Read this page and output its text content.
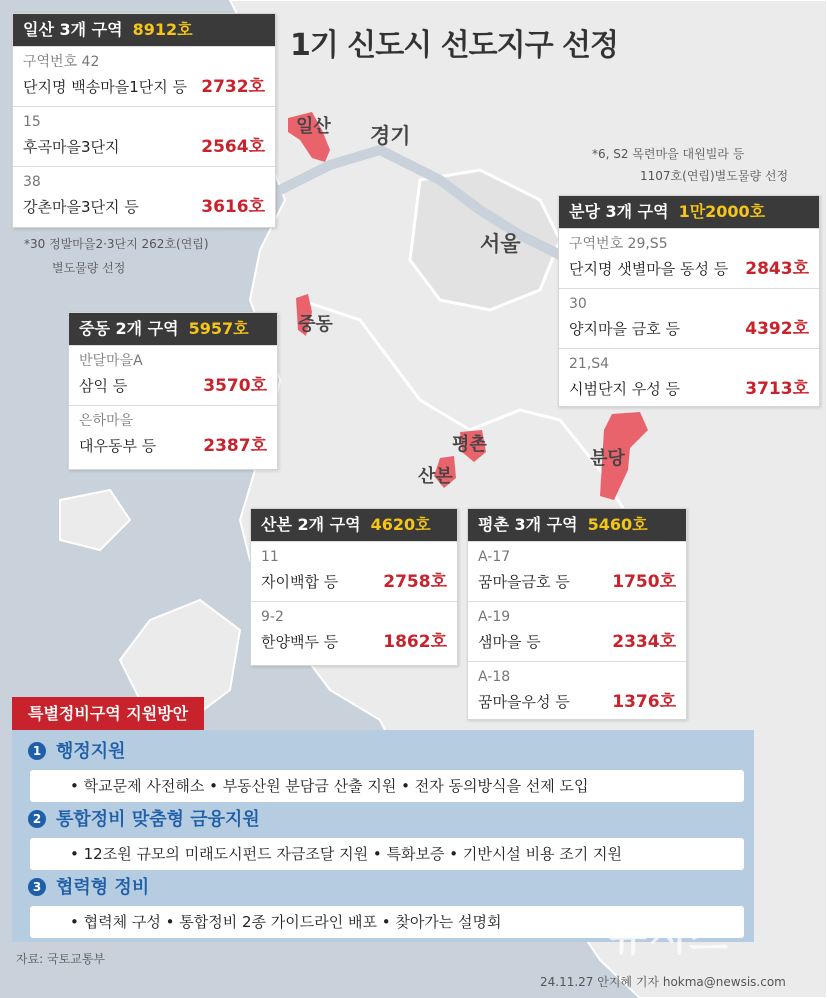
1기 신도시 선도지구 선정
경기
서울
일산
중동
평촌
산본
분당
일산 3개 구역 8912호
구역번호 42
단지명 백송마을1단지 등 2732호
15
후곡마을3단지	2564호
38
강촌마을3단지 등	3616호
*30 정발마을2·3단지 262호(연립)
별도물량 선정
중동 2개 구역 5957호
반달마을A
삼익 등	3570호
은하마을
대우동부 등	2387호
*6, S2 목련마을 대원빌라 등
1107호(연립)별도물량 선정
분당 3개 구역 1만2000호
구역번호 29,S5
단지명 샛별마을 동성 등 2843호
30
양지마을 금호 등	4392호
21,S4
시범단지 우성 등	3713호
산본 2개 구역 4620호
11
자이백합 등	2758호
9-2
한양백두 등	1862호
평촌 3개 구역 5460호
A-17
꿈마을금호 등	1750호
A-19
샘마을 등	2334호
A-18
꿈마을우성 등	1376호
1 행정지원
• 학교문제 사전해소 • 부동산원 분담금 산출 지원 • 전자 동의방식을 선제 도입
2 통합정비 맞춤형 금융지원
• 12조원 규모의 미래도시펀드 자금조달 지원 • 특화보증 • 기반시설 비용 조기 지원
3 협력형 정비
• 협력체 구성 • 통합정비 2종 가이드라인 배포 • 찾아가는 설명회
특별정비구역 지원방안
뉴시스
자료: 국토교통부
24.11.27 안지혜 기자 hokma@newsis.com
